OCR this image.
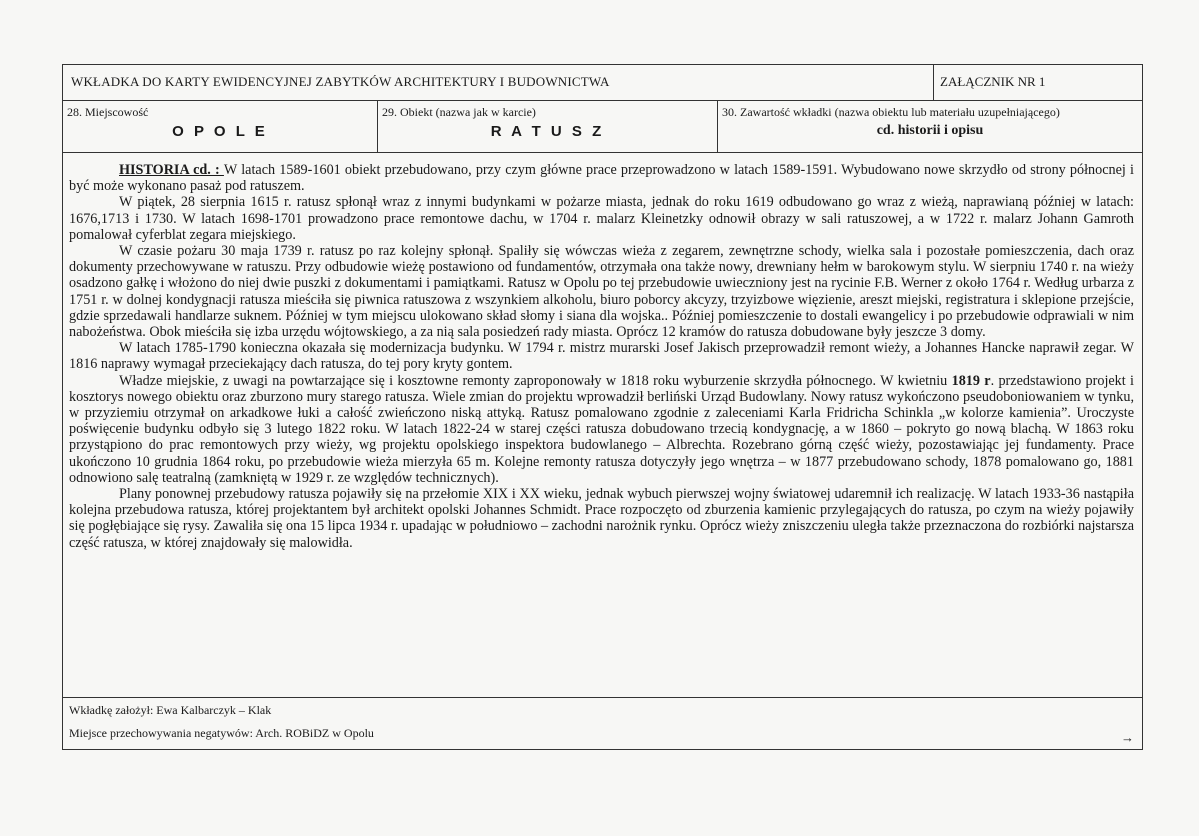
WKŁADKA DO KARTY EWIDENCYJNEJ ZABYTKÓW ARCHITEKTURY I BUDOWNICTWA	ZAŁĄCZNIK NR 1
28. Miejscowość
O P O L E
29. Obiekt (nazwa jak w karcie)
R A T U S Z
30. Zawartość wkładki (nazwa obiektu lub materiału uzupełniającego)
cd. historii i opisu

HISTORIA cd. : W latach 1589-1601 obiekt przebudowano, przy czym główne prace przeprowadzono w latach 1589-1591. Wybudowano nowe skrzydło od strony północnej i być może wykonano pasaż pod ratuszem.

W piątek, 28 sierpnia 1615 r. ratusz spłonął wraz z innymi budynkami w pożarze miasta, jednak do roku 1619 odbudowano go wraz z wieżą, naprawianą później w latach: 1676,1713 i 1730. W latach 1698-1701 prowadzono prace remontowe dachu, w 1704 r. malarz Kleinetzky odnowił obrazy w sali ratuszowej, a w 1722 r. malarz Johann Gamroth pomalował cyferblat zegara miejskiego.

W czasie pożaru 30 maja 1739 r. ratusz po raz kolejny spłonął. Spaliły się wówczas wieża z zegarem, zewnętrzne schody, wielka sala i pozostałe pomieszczenia, dach oraz dokumenty przechowywane w ratuszu. Przy odbudowie wieżę postawiono od fundamentów, otrzymała ona także nowy, drewniany hełm w barokowym stylu. W sierpniu 1740 r. na wieży osadzono gałkę i włożono do niej dwie puszki z dokumentami i pamiątkami. Ratusz w Opolu po tej przebudowie uwieczniony jest na rycinie F.B. Werner z około 1764 r. Według urbarza z 1751 r. w dolnej kondygnacji ratusza mieściła się piwnica ratuszowa z wszynkiem alkoholu, biuro poborcy akcyzy, trzyizbowe więzienie, areszt miejski, registratura i sklepione przejście, gdzie sprzedawali handlarze suknem. Później w tym miejscu ulokowano skład słomy i siana dla wojska.. Później pomieszczenie to dostali ewangelicy i po przebudowie odprawiali w nim nabożeństwa. Obok mieściła się izba urzędu wójtowskiego, a za nią sala posiedzeń rady miasta. Oprócz 12 kramów do ratusza dobudowane były jeszcze 3 domy.

W latach 1785-1790 konieczna okazała się modernizacja budynku. W 1794 r. mistrz murarski Josef Jakisch przeprowadził remont wieży, a Johannes Hancke naprawił zegar. W 1816 naprawy wymagał przeciekający dach ratusza, do tej pory kryty gontem.

Władze miejskie, z uwagi na powtarzające się i kosztowne remonty zaproponowały w 1818 roku wyburzenie skrzydła północnego. W kwietniu 1819 r. przedstawiono projekt i kosztorys nowego obiektu oraz zburzono mury starego ratusza. Wiele zmian do projektu wprowadził berliński Urząd Budowlany. Nowy ratusz wykończono pseudoboniowaniem w tynku, w przyziemiu otrzymał on arkadkowe łuki a całość zwieńczono niską attyką. Ratusz pomalowano zgodnie z zaleceniami Karla Fridricha Schinkla „w kolorze kamienia”. Uroczyste poświęcenie budynku odbyło się 3 lutego 1822 roku. W latach 1822-24 w starej części ratusza dobudowano trzecią kondygnację, a w 1860 – pokryto go nową blachą. W 1863 roku przystąpiono do prac remontowych przy wieży, wg projektu opolskiego inspektora budowlanego – Albrechta. Rozebrano górną część wieży, pozostawiając jej fundamenty. Prace ukończono 10 grudnia 1864 roku, po przebudowie wieża mierzyła 65 m. Kolejne remonty ratusza dotyczyły jego wnętrza – w 1877 przebudowano schody, 1878 pomalowano go, 1881 odnowiono salę teatralną (zamkniętą w 1929 r. ze względów technicznych).

Plany ponownej przebudowy ratusza pojawiły się na przełomie XIX i XX wieku, jednak wybuch pierwszej wojny światowej udaremnił ich realizację. W latach 1933-36 nastąpiła kolejna przebudowa ratusza, której projektantem był architekt opolski Johannes Schmidt. Prace rozpoczęto od zburzenia kamienic przylegających do ratusza, po czym na wieży pojawiły się pogłębiające się rysy. Zawaliła się ona 15 lipca 1934 r. upadając w południowo – zachodni narożnik rynku. Oprócz wieży zniszczeniu uległa także przeznaczona do rozbiórki najstarsza część ratusza, w której znajdowały się malowidła.

Wkładkę założył: Ewa Kalbarczyk – Klak
Miejsce przechowywania negatywów: Arch. ROBiDZ w Opolu	→
